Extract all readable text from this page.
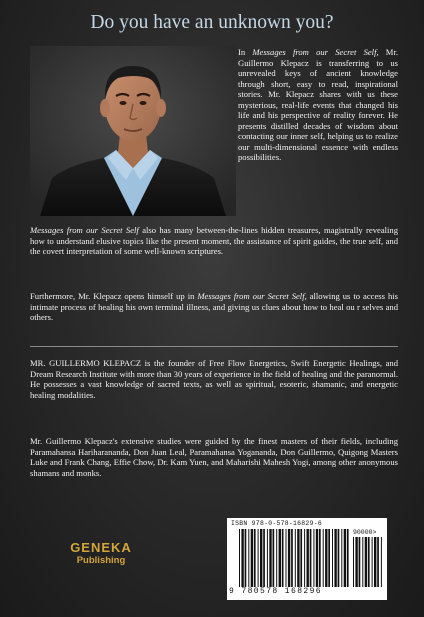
Do you have an unknown you?

In Messages from our Secret Self, Mr. Guillermo Klepacz is transferring to us unrevealed keys of ancient knowledge through short, easy to read, inspirational stories. Mr. Klepacz shares with us these mysterious, real-life events that changed his life and his perspective of reality forever. He presents distilled decades of wisdom about contacting our inner self, helping us to realize our multi-dimensional essence with endless possibilities.

Messages from our Secret Self also has many between-the-lines hidden treasures, magistrally revealing how to understand elusive topics like the present moment, the assistance of spirit guides, the true self, and the covert interpretation of some well-known scriptures.

Furthermore, Mr. Klepacz opens himself up in Messages from our Secret Self, allowing us to access his intimate process of healing his own terminal illness, and giving us clues about how to heal ou r selves and others.

MR. GUILLERMO KLEPACZ is the founder of Free Flow Energetics, Swift Energetic Healings, and Dream Research Institute with more than 30 years of experience in the field of healing and the paranormal. He possesses a vast knowledge of sacred texts, as well as spiritual, esoteric, shamanic, and energetic healing modalities.

Mr. Guillermo Klepacz's extensive studies were guided by the finest masters of their fields, including Paramahansa Hariharananda, Don Juan Leal, Paramahansa Yogananda, Don Guillermo, Quigong Masters Luke and Frank Chang, Effie Chow, Dr. Kam Yuen, and Maharishi Mahesh Yogi, among other anonymous shamans and monks.

GENEKA
Publishing
ISBN 978-0-578-16829-6
90000>
9 780578 168296
